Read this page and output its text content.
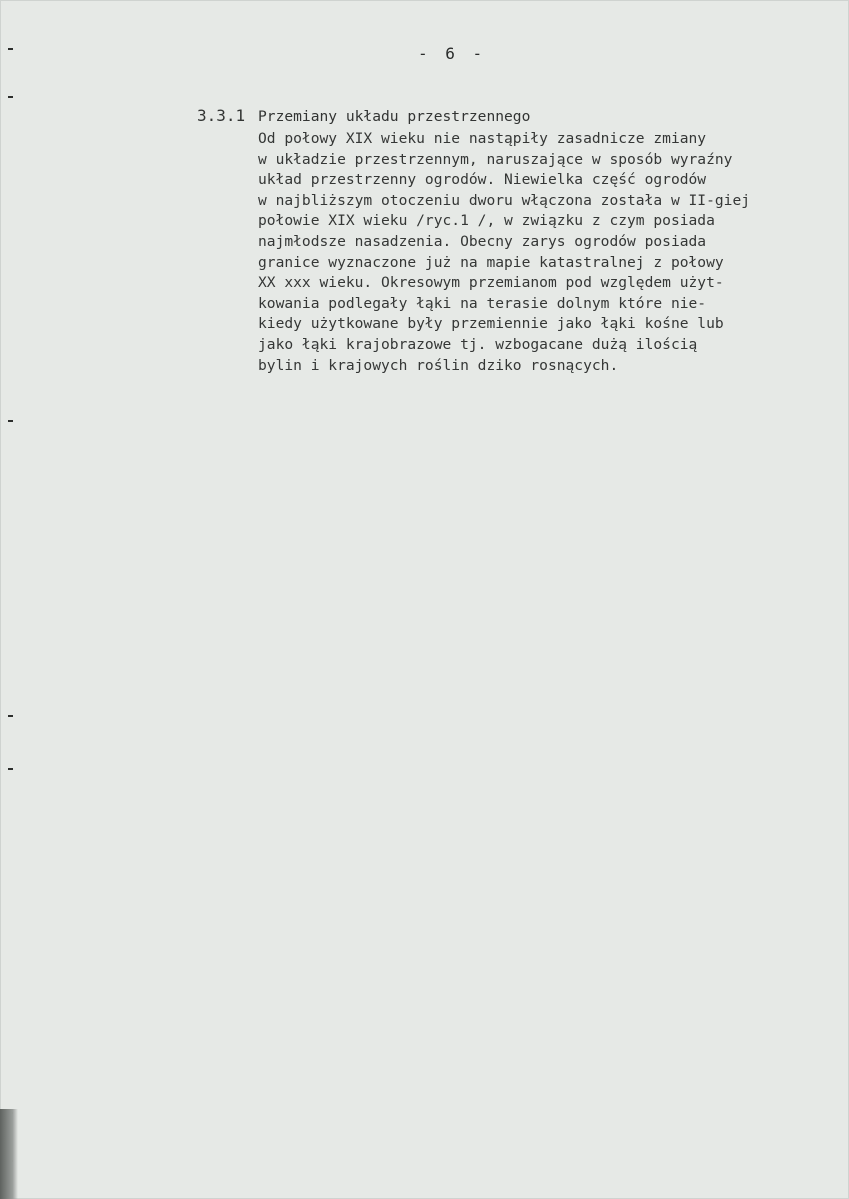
- 6 -
3.3.1 Przemiany układu przestrzennego
Od połowy XIX wieku nie nastąpiły zasadnicze zmiany
w układzie przestrzennym, naruszające w sposób wyraźny
układ przestrzenny ogrodów. Niewielka część ogrodów
w najbliższym otoczeniu dworu włączona została w II-giej
połowie XIX wieku /ryc.1 /, w związku z czym posiada
najmłodsze nasadzenia. Obecny zarys ogrodów posiada
granice wyznaczone już na mapie katastralnej z połowy
XX xxx wieku. Okresowym przemianom pod względem użyt-
kowania podlegały łąki na terasie dolnym które nie-
kiedy użytkowane były przemiennie jako łąki kośne lub
jako łąki krajobrazowe tj. wzbogacane dużą ilością
bylin i krajowych roślin dziko rosnących.
